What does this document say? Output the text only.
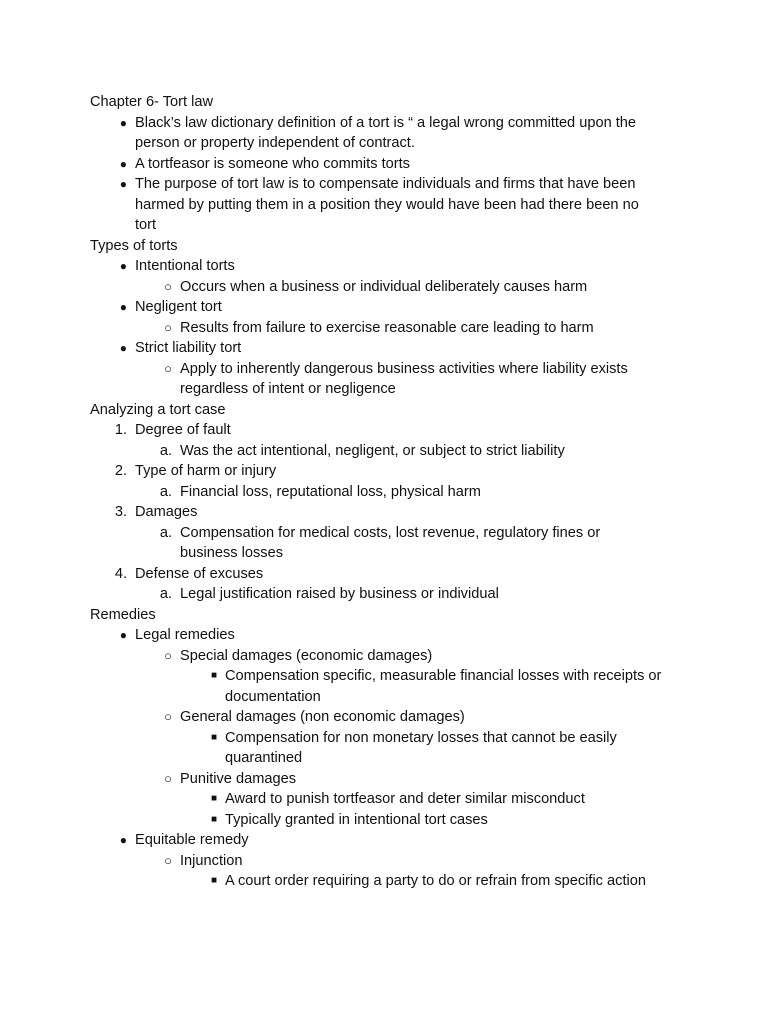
Chapter 6- Tort law
● Black’s law dictionary definition of a tort is “ a legal wrong committed upon the
person or property independent of contract.
● A tortfeasor is someone who commits torts
● The purpose of tort law is to compensate individuals and firms that have been
harmed by putting them in a position they would have been had there been no
tort
Types of torts
● Intentional torts
○ Occurs when a business or individual deliberately causes harm
● Negligent tort
○ Results from failure to exercise reasonable care leading to harm
● Strict liability tort
○ Apply to inherently dangerous business activities where liability exists
regardless of intent or negligence
Analyzing a tort case
1. Degree of fault
a. Was the act intentional, negligent, or subject to strict liability
2. Type of harm or injury
a. Financial loss, reputational loss, physical harm
3. Damages
a. Compensation for medical costs, lost revenue, regulatory fines or
business losses
4. Defense of excuses
a. Legal justification raised by business or individual
Remedies
● Legal remedies
○ Special damages (economic damages)
■ Compensation specific, measurable financial losses with receipts or
documentation
○ General damages (non economic damages)
■ Compensation for non monetary losses that cannot be easily
quarantined
○ Punitive damages
■ Award to punish tortfeasor and deter similar misconduct
■ Typically granted in intentional tort cases
● Equitable remedy
○ Injunction
■ A court order requiring a party to do or refrain from specific action
